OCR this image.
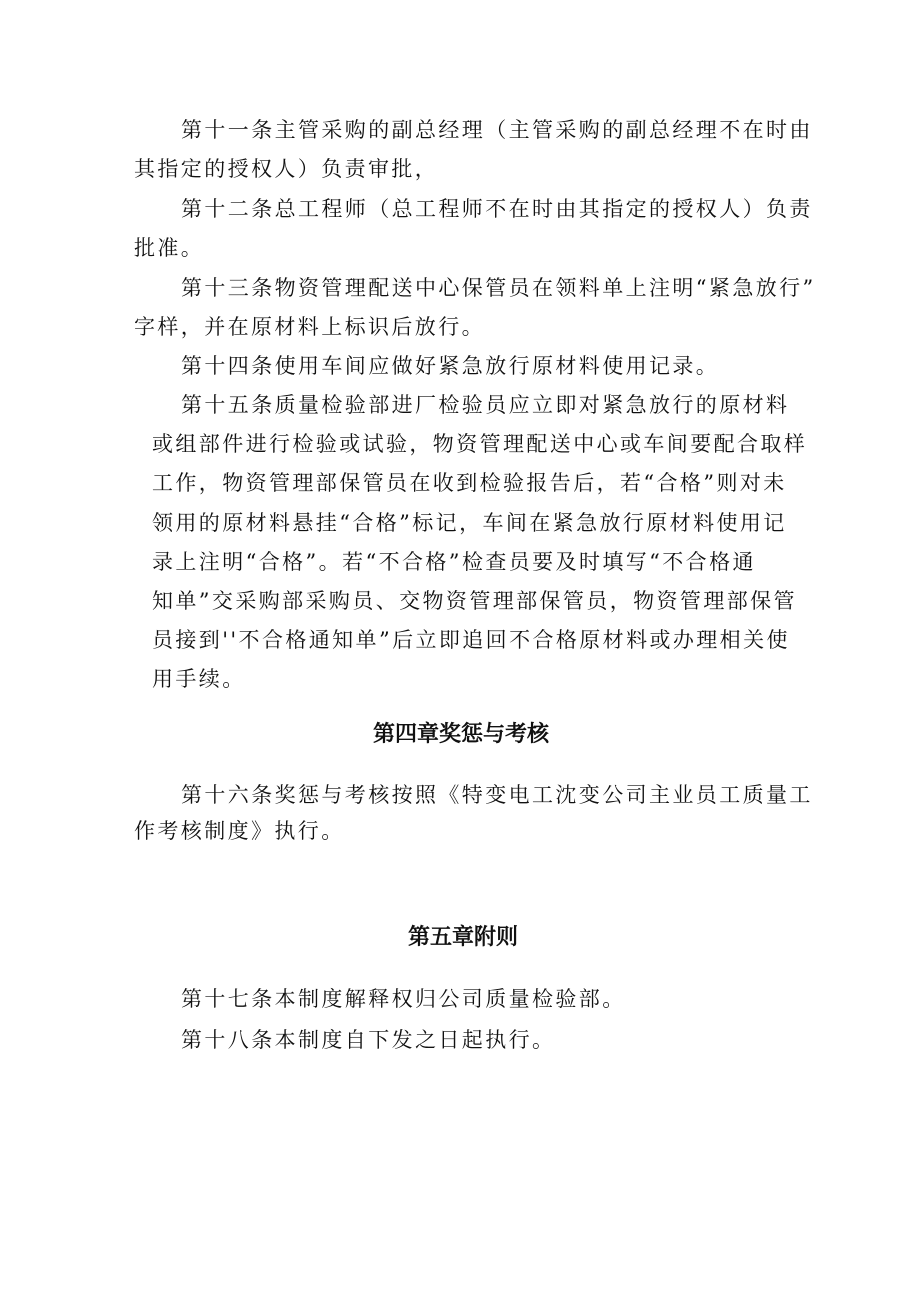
第十一条主管采购的副总经理（主管采购的副总经理不在时由
其指定的授权人）负责审批，
第十二条总工程师（总工程师不在时由其指定的授权人）负责
批准。
第十三条物资管理配送中心保管员在领料单上注明“紧急放行”
字样，并在原材料上标识后放行。
第十四条使用车间应做好紧急放行原材料使用记录。
第十五条质量检验部进厂检验员应立即对紧急放行的原材料
或组部件进行检验或试验，物资管理配送中心或车间要配合取样
工作，物资管理部保管员在收到检验报告后，若“合格”则对未
领用的原材料悬挂“合格”标记，车间在紧急放行原材料使用记
录上注明“合格”。若“不合格”检查员要及时填写“不合格通
知单”交采购部采购员、交物资管理部保管员，物资管理部保管
员接到''不合格通知单”后立即追回不合格原材料或办理相关使
用手续。
第四章奖惩与考核
第十六条奖惩与考核按照《特变电工沈变公司主业员工质量工
作考核制度》执行。
第五章附则
第十七条本制度解释权归公司质量检验部。
第十八条本制度自下发之日起执行。
